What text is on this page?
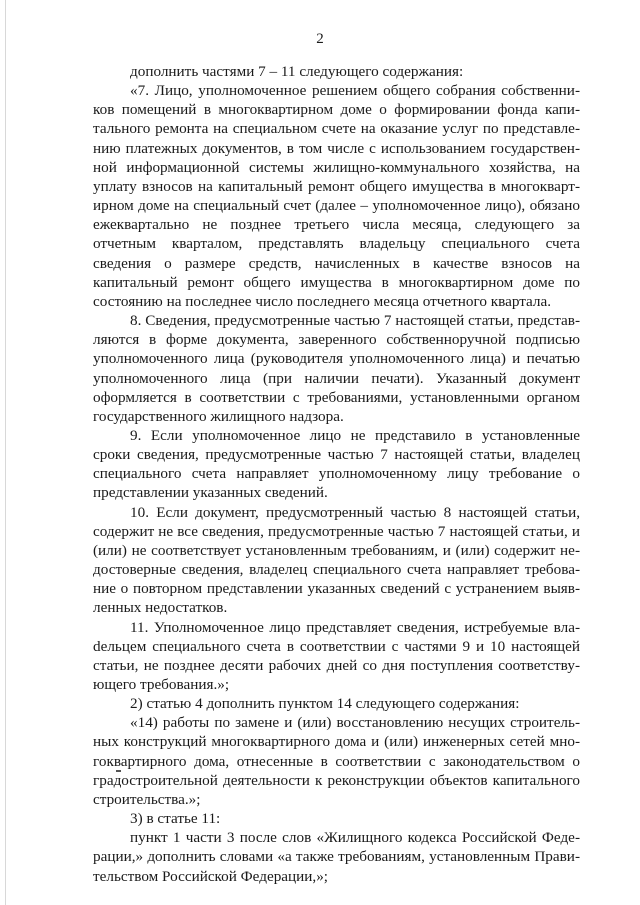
2

дополнить частями 7 – 11 следующего содержания:

«7. Лицо, уполномоченное решением общего собрания собственников помещений в многоквартирном доме о формировании фонда капитального ремонта на специальном счете на оказание услуг по представлению платежных документов, в том числе с использованием государственной информационной системы жилищно-коммунального хозяйства, на уплату взносов на капитальный ремонт общего имущества в многоквартирном доме на специальный счет (далее – уполномоченное лицо), обязано ежеквартально не позднее третьего числа месяца, следующего за отчетным кварталом, представлять владельцу специального счета сведения о размере средств, начисленных в качестве взносов на капитальный ремонт общего имущества в многоквартирном доме по состоянию на последнее число последнего месяца отчетного квартала.

8. Сведения, предусмотренные частью 7 настоящей статьи, представляются в форме документа, заверенного собственноручной подписью уполномоченного лица (руководителя уполномоченного лица) и печатью уполномоченного лица (при наличии печати). Указанный документ оформляется в соответствии с требованиями, установленными органом государственного жилищного надзора.

9. Если уполномоченное лицо не представило в установленные сроки сведения, предусмотренные частью 7 настоящей статьи, владелец специального счета направляет уполномоченному лицу требование о представлении указанных сведений.

10. Если документ, предусмотренный частью 8 настоящей статьи, содержит не все сведения, предусмотренные частью 7 настоящей статьи, и (или) не соответствует установленным требованиям, и (или) содержит недостоверные сведения, владелец специального счета направляет требование о повторном представлении указанных сведений с устранением выявленных недостатков.

11. Уполномоченное лицо представляет сведения, истребуемые влаdельцем специального счета в соответствии с частями 9 и 10 настоящей статьи, не позднее десяти рабочих дней со дня поступления соответствующего требования.»;

2) статью 4 дополнить пунктом 14 следующего содержания:

«14) работы по замене и (или) восстановлению несущих строительных конструкций многоквартирного дома и (или) инженерных сетей многоквартирного дома, отнесенные в соответствии с законодательством о градостроительной деятельности к реконструкции объектов капитального строительства.»;

3) в статье 11:

пункт 1 части 3 после слов «Жилищного кодекса Российской Федерации,» дополнить словами «а также требованиям, установленным Правительством Российской Федерации,»;
